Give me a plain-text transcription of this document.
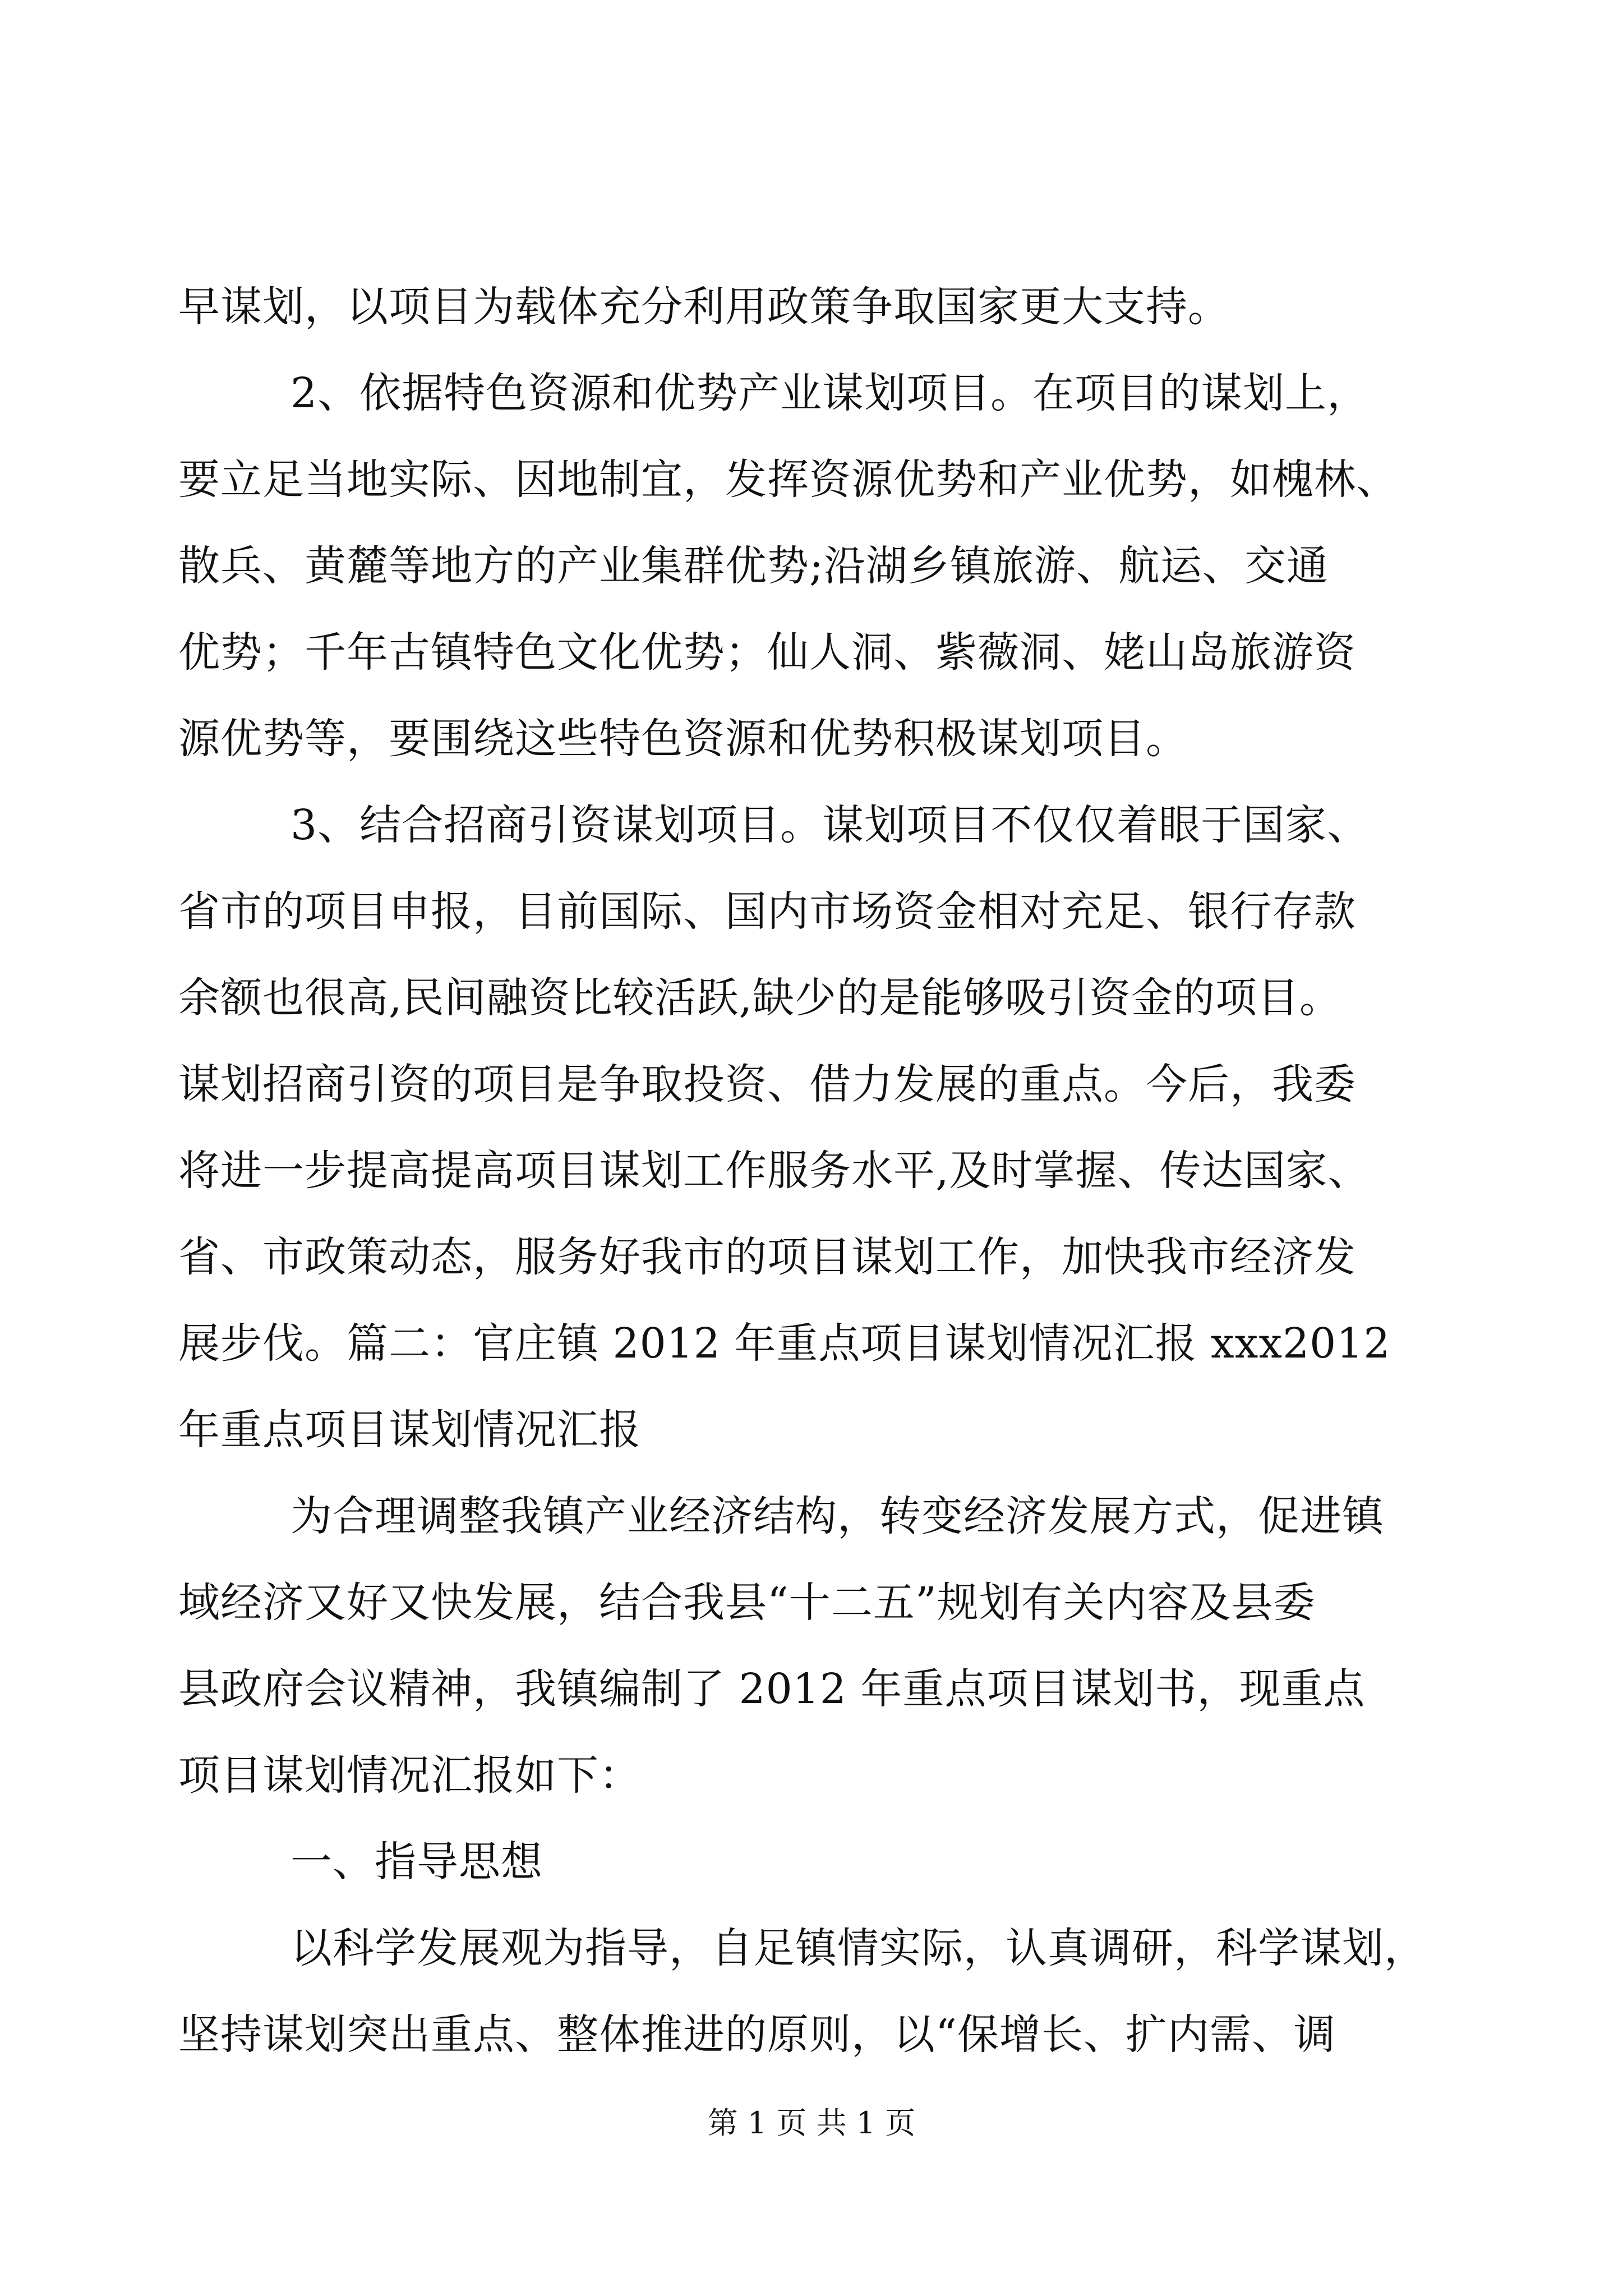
早谋划，以项目为载体充分利用政策争取国家更大支持。
2、依据特色资源和优势产业谋划项目。在项目的谋划上，
要立足当地实际、因地制宜，发挥资源优势和产业优势，如槐林、
散兵、黄麓等地方的产业集群优势;沿湖乡镇旅游、航运、交通
优势；千年古镇特色文化优势；仙人洞、紫薇洞、姥山岛旅游资
源优势等，要围绕这些特色资源和优势积极谋划项目。
3、结合招商引资谋划项目。谋划项目不仅仅着眼于国家、
省市的项目申报，目前国际、国内市场资金相对充足、银行存款
余额也很高,民间融资比较活跃,缺少的是能够吸引资金的项目。
谋划招商引资的项目是争取投资、借力发展的重点。今后，我委
将进一步提高提高项目谋划工作服务水平,及时掌握、传达国家、
省、市政策动态，服务好我市的项目谋划工作，加快我市经济发
展步伐。篇二：官庄镇 2012 年重点项目谋划情况汇报 xxx2012
年重点项目谋划情况汇报
为合理调整我镇产业经济结构，转变经济发展方式，促进镇
域经济又好又快发展，结合我县“十二五”规划有关内容及县委
县政府会议精神，我镇编制了 2012 年重点项目谋划书，现重点
项目谋划情况汇报如下：
一、指导思想
以科学发展观为指导，自足镇情实际，认真调研，科学谋划，
坚持谋划突出重点、整体推进的原则，以“保增长、扩内需、调
第 1 页 共 1 页
